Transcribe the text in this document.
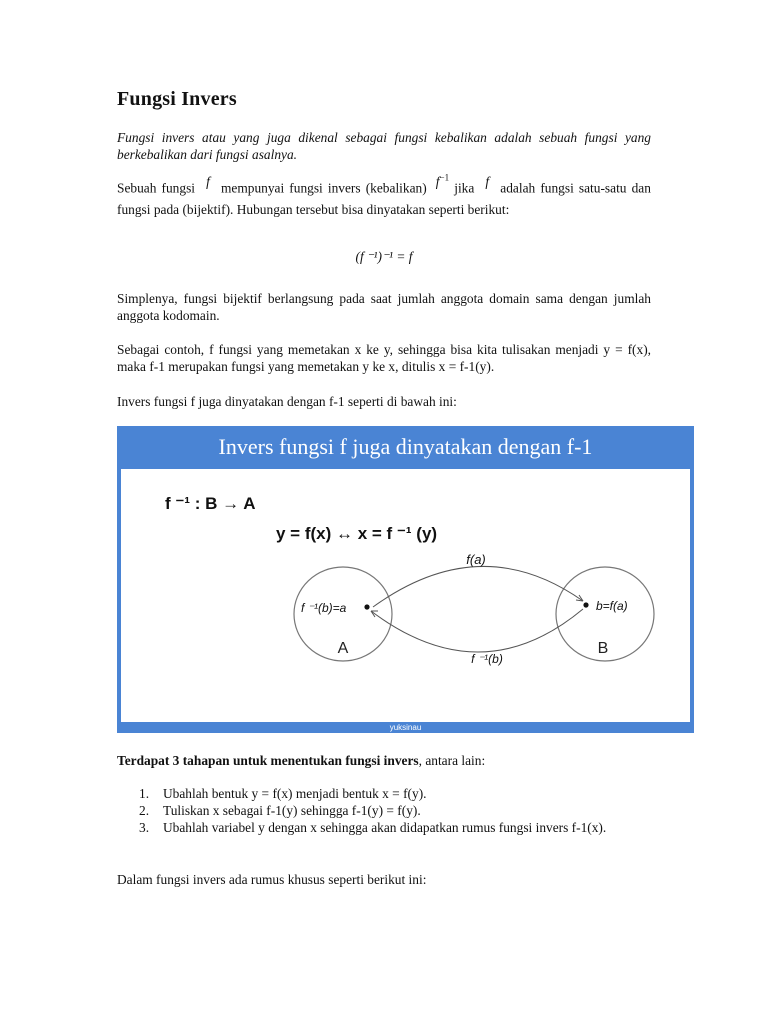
Fungsi Invers

Fungsi invers atau yang juga dikenal sebagai fungsi kebalikan adalah sebuah fungsi yang berkebalikan dari fungsi asalnya.

Sebuah fungsi f mempunyai fungsi invers (kebalikan) $f^{-1}$ jika f adalah fungsi satu-satu dan fungsi pada (bijektif). Hubungan tersebut bisa dinyatakan seperti berikut:

(f ⁻¹)⁻¹ = f

Simplenya, fungsi bijektif berlangsung pada saat jumlah anggota domain sama dengan jumlah anggota kodomain.

Sebagai contoh, f fungsi yang memetakan x ke y, sehingga bisa kita tulisakan menjadi y = f(x), maka f-1 merupakan fungsi yang memetakan y ke x, ditulis x = f-1(y).

Invers fungsi f juga dinyatakan dengan f-1 seperti di bawah ini:

Invers fungsi f juga dinyatakan dengan f-1
f ⁻¹ : B → A
y = f(x) ↔ x = f ⁻¹ (y)
f(a)
f ⁻¹(b)
f ⁻¹(b)=a	b=f(a)
A	B
yuksinau

Terdapat 3 tahapan untuk menentukan fungsi invers, antara lain:

1. Ubahlah bentuk y = f(x) menjadi bentuk x = f(y).
2. Tuliskan x sebagai f-1(y) sehingga f-1(y) = f(y).
3. Ubahlah variabel y dengan x sehingga akan didapatkan rumus fungsi invers f-1(x).

Dalam fungsi invers ada rumus khusus seperti berikut ini:
